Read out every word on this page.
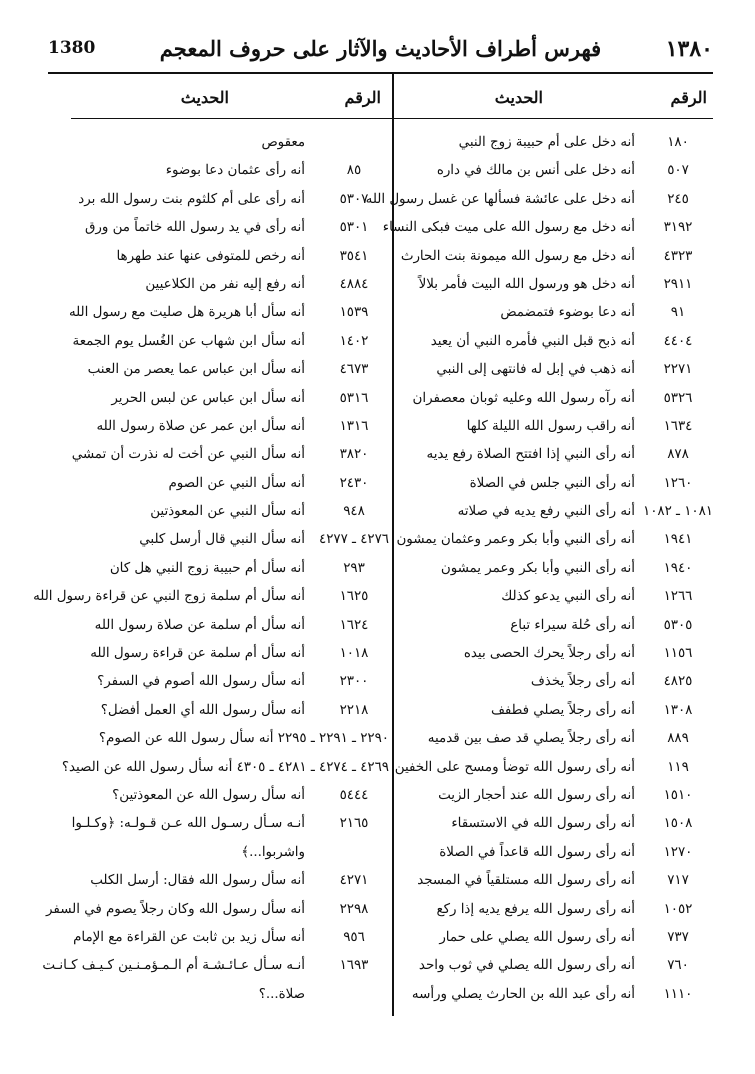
١٣٨٠
فهرس أطراف الأحاديث والآثار على حروف المعجم
1380
الرقم
الحديث
١٨٠
أنه دخل على أم حبيبة زوج النبي
٥٠٧
أنه دخل على أنس بن مالك في داره
٢٤٥
أنه دخل على عائشة فسألها عن غسل رسول الله
٣١٩٢
أنه دخل مع رسول الله على ميت فبكى النساء
٤٣٢٣
أنه دخل مع رسول الله ميمونة بنت الحارث
٢٩١١
أنه دخل هو ورسول الله البيت فأمر بلالاً
٩١
أنه دعا بوضوء فتمضمض
٤٤٠٤
أنه ذبح قبل النبي فأمره النبي أن يعيد
٢٢٧١
أنه ذهب في إبل له فانتهى إلى النبي
٥٣٢٦
أنه رآه رسول الله وعليه ثوبان معصفران
١٦٣٤
أنه راقب رسول الله الليلة كلها
٨٧٨
أنه رأى النبي إذا افتتح الصلاة رفع يديه
١٢٦٠
أنه رأى النبي جلس في الصلاة
١٠٨١ ـ ١٠٨٢
أنه رأى النبي رفع يديه في صلاته
١٩٤١
أنه رأى النبي وأبا بكر وعمر وعثمان يمشون
١٩٤٠
أنه رأى النبي وأبا بكر وعمر يمشون
١٢٦٦
أنه رأى النبي يدعو كذلك
٥٣٠٥
أنه رأى حُلة سيراء تباع
١١٥٦
أنه رأى رجلاً يحرك الحصى بيده
٤٨٢٥
أنه رأى رجلاً يخذف
١٣٠٨
أنه رأى رجلاً يصلي فطفف
٨٨٩
أنه رأى رجلاً يصلي قد صف بين قدميه
١١٩
أنه رأى رسول الله توضأ ومسح على الخفين
١٥١٠
أنه رأى رسول الله عند أحجار الزيت
١٥٠٨
أنه رأى رسول الله في الاستسقاء
١٢٧٠
أنه رأى رسول الله قاعداً في الصلاة
٧١٧
أنه رأى رسول الله مستلقياً في المسجد
١٠٥٢
أنه رأى رسول الله يرفع يديه إذا ركع
٧٣٧
أنه رأى رسول الله يصلي على حمار
٧٦٠
أنه رأى رسول الله يصلي في ثوب واحد
١١١٠
أنه رأى عبد الله بن الحارث يصلي ورأسه
الرقم
الحديث
معقوص
٨٥
أنه رأى عثمان دعا بوضوء
٥٣٠٧
أنه رأى على أم كلثوم بنت رسول الله برد
٥٣٠١
أنه رأى في يد رسول الله خاتماً من ورق
٣٥٤١
أنه رخص للمتوفى عنها عند طهرها
٤٨٨٤
أنه رفع إليه نفر من الكلاعيين
١٥٣٩
أنه سأل أبا هريرة هل صليت مع رسول الله
١٤٠٢
أنه سأل ابن شهاب عن الغُسل يوم الجمعة
٤٦٧٣
أنه سأل ابن عباس عما يعصر من العنب
٥٣١٦
أنه سأل ابن عباس عن لبس الحرير
١٣١٦
أنه سأل ابن عمر عن صلاة رسول الله
٣٨٢٠
أنه سأل النبي عن أخت له نذرت أن تمشي
٢٤٣٠
أنه سأل النبي عن الصوم
٩٤٨
أنه سأل النبي عن المعوذتين
٤٢٧٦ ـ ٤٢٧٧
أنه سأل النبي قال أرسل كلبي
٢٩٣
أنه سأل أم حبيبة زوج النبي هل كان
١٦٢٥
أنه سأل أم سلمة زوج النبي عن قراءة رسول الله
١٦٢٤
أنه سأل أم سلمة عن صلاة رسول الله
١٠١٨
أنه سأل أم سلمة عن قراءة رسول الله
٢٣٠٠
أنه سأل رسول الله أصوم في السفر؟
٢٢١٨
أنه سأل رسول الله أي العمل أفضل؟
٢٢٩٠ ـ ٢٢٩١ ـ ٢٢٩٥ أنه سأل رسول الله عن الصوم؟
٤٢٦٩ ـ ٤٢٧٤ ـ ٤٢٨١ ـ ٤٣٠٥ أنه سأل رسول الله عن الصيد؟
٥٤٤٤
أنه سأل رسول الله عن المعوذتين؟
٢١٦٥
أنـه سـأل رسـول الله عـن قـولـه: ﴿وكـلـوا
واشربوا...﴾
٤٢٧١
أنه سأل رسول الله فقال: أرسل الكلب
٢٢٩٨
أنه سأل رسول الله وكان رجلاً يصوم في السفر
٩٥٦
أنه سأل زيد بن ثابت عن القراءة مع الإمام
١٦٩٣
أنـه سـأل عـائـشـة أم الـمـؤمـنـين كـيـف كـانـت
صلاة...؟
